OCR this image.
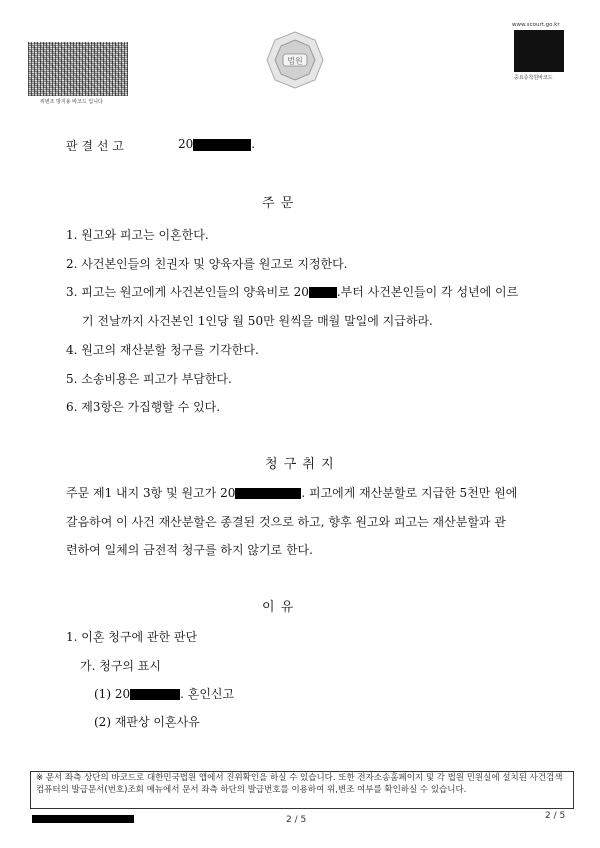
위변조 방지용 바코드 입니다
법원
www.scourt.go.kr
중요증착원바코드
판 결 선 고	20	.
주 문
1. 원고와 피고는 이혼한다.
2. 사건본인들의 친권자 및 양육자를 원고로 지정한다.
3. 피고는 원고에게 사건본인들의 양육비로 20 .부터 사건본인들이 각 성년에 이르
기 전날까지 사건본인 1인당 월 50만 원씩을 매월 말일에 지급하라.
4. 원고의 재산분할 청구를 기각한다.
5. 소송비용은 피고가 부담한다.
6. 제3항은 가집행할 수 있다.
청 구 취 지
주문 제1 내지 3항 및 원고가 20	. 피고에게 재산분할로 지급한 5천만 원에
갈음하여 이 사건 재산분할은 종결된 것으로 하고, 향후 원고와 피고는 재산분할과 관
련하여 일체의 금전적 청구를 하지 않기로 한다.
이 유
1. 이혼 청구에 관한 판단
가. 청구의 표시
(1) 20	. 혼인신고
(2) 재판상 이혼사유
※ 문서 좌측 상단의 바코드로 대한민국법원 앱에서 진위확인을 하실 수 있습니다. 또한 전자소송홈페이지 및 각 법원 민원실에 설치된 사건검색 컴퓨터의 발급문서(번호)조회 메뉴에서 문서 좌측 하단의 발급번호를 이용하여 위,변조 여부를 확인하실 수 있습니다.
2 / 5	2 / 5
